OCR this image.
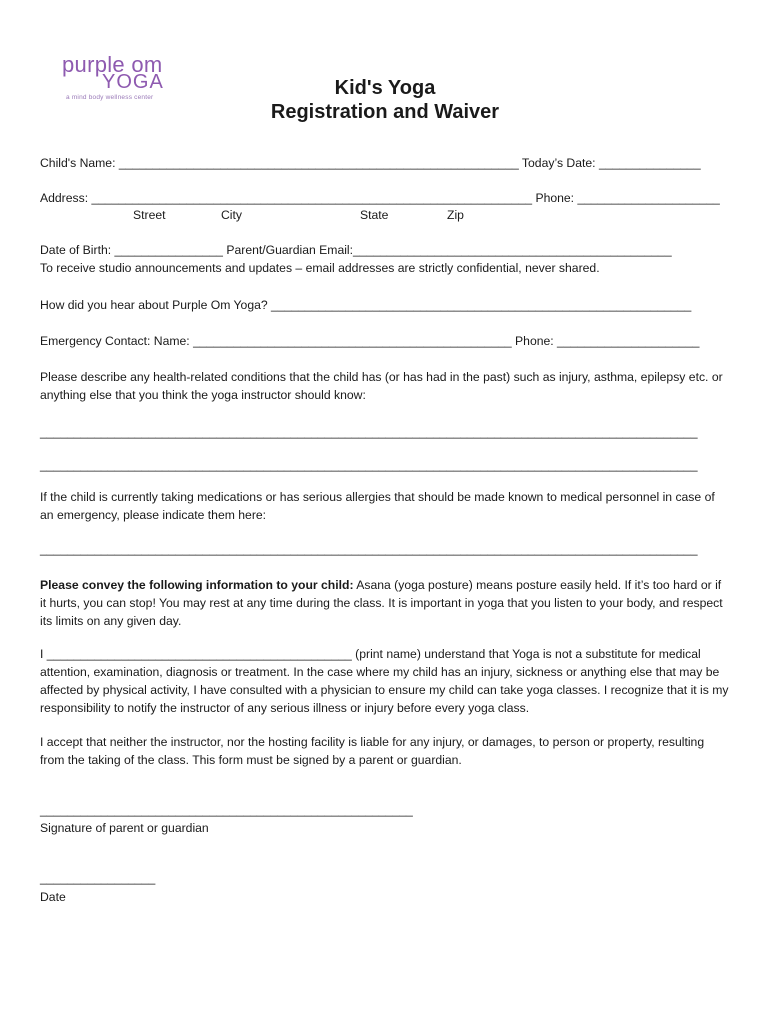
purple om
YOGA
a mind body wellness center	Kid's Yoga
Registration and Waiver
Child's Name: ___________________________________________________________ Today’s Date: _______________
Address: _________________________________________________________________ Phone: _____________________
Street	City	State	Zip
Date of Birth: ________________ Parent/Guardian Email:_______________________________________________
To receive studio announcements and updates – email addresses are strictly confidential, never shared.
How did you hear about Purple Om Yoga? ______________________________________________________________
Emergency Contact: Name: _______________________________________________ Phone: _____________________
Please describe any health-related conditions that the child has (or has had in the past) such as injury, asthma, epilepsy etc. or anything else that you think the yoga instructor should know:
_________________________________________________________________________________________________
_________________________________________________________________________________________________
If the child is currently taking medications or has serious allergies that should be made known to medical personnel in case of an emergency, please indicate them here:
_________________________________________________________________________________________________
Please convey the following information to your child: Asana (yoga posture) means posture easily held. If it’s too hard or if it hurts, you can stop! You may rest at any time during the class. It is important in yoga that you listen to your body, and respect its limits on any given day.
I _____________________________________________ (print name) understand that Yoga is not a substitute for medical attention, examination, diagnosis or treatment. In the case where my child has an injury, sickness or anything else that may be affected by physical activity, I have consulted with a physician to ensure my child can take yoga classes. I recognize that it is my responsibility to notify the instructor of any serious illness or injury before every yoga class.
I accept that neither the instructor, nor the hosting facility is liable for any injury, or damages, to person or property, resulting from the taking of the class. This form must be signed by a parent or guardian.
_______________________________________________________
Signature of parent or guardian
_________________
Date
